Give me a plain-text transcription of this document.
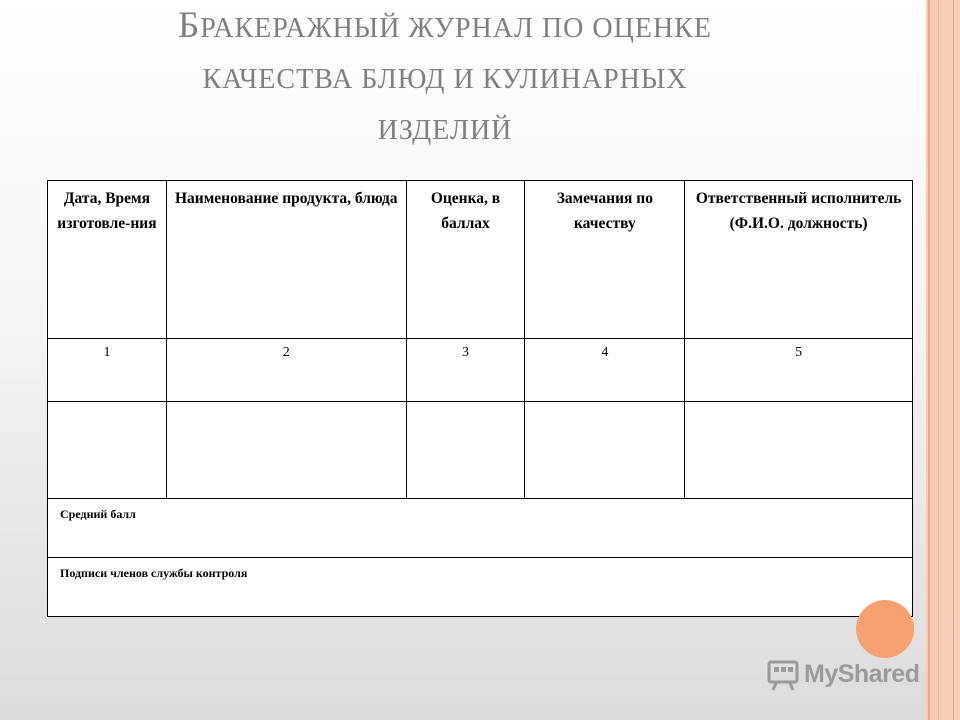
БРАКЕРАЖНЫЙ ЖУРНАЛ ПО ОЦЕНКЕ
КАЧЕСТВА БЛЮД И КУЛИНАРНЫХ
ИЗДЕЛИЙ
Дата, Время изготовле-ния	Наименование продукта, блюда	Оценка, в баллах	Замечания по качеству	Ответственный исполнитель (Ф.И.О. должность)
1	2	3	4	5

Средний балл				
Подписи членов службы контроля				
MyShared
